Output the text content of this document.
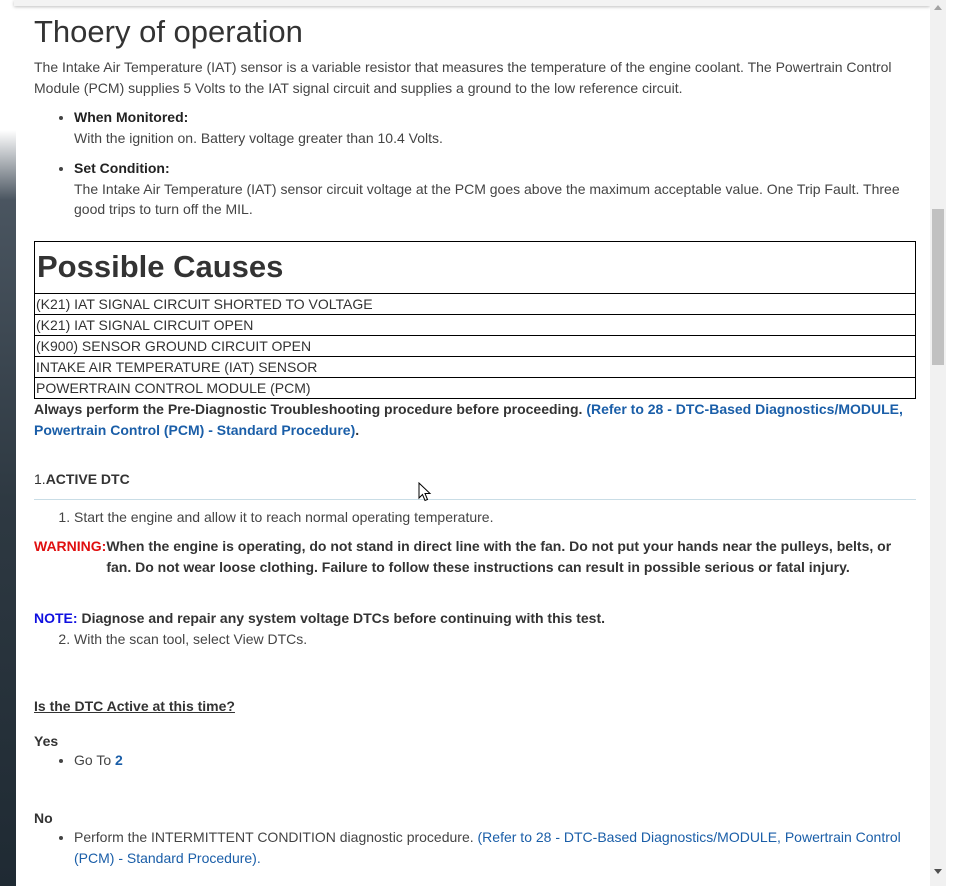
Thoery of operation
The Intake Air Temperature (IAT) sensor is a variable resistor that measures the temperature of the engine coolant. The Powertrain Control Module (PCM) supplies 5 Volts to the IAT signal circuit and supplies a ground to the low reference circuit.
• When Monitored:
With the ignition on. Battery voltage greater than 10.4 Volts.
• Set Condition:
The Intake Air Temperature (IAT) sensor circuit voltage at the PCM goes above the maximum acceptable value. One Trip Fault. Three good trips to turn off the MIL.
Possible Causes
(K21) IAT SIGNAL CIRCUIT SHORTED TO VOLTAGE
(K21) IAT SIGNAL CIRCUIT OPEN
(K900) SENSOR GROUND CIRCUIT OPEN
INTAKE AIR TEMPERATURE (IAT) SENSOR
POWERTRAIN CONTROL MODULE (PCM)
Always perform the Pre-Diagnostic Troubleshooting procedure before proceeding. (Refer to 28 - DTC-Based Diagnostics/MODULE, Powertrain Control (PCM) - Standard Procedure).
1.ACTIVE DTC
1. Start the engine and allow it to reach normal operating temperature.
WARNING: When the engine is operating, do not stand in direct line with the fan. Do not put your hands near the pulleys, belts, or fan. Do not wear loose clothing. Failure to follow these instructions can result in possible serious or fatal injury.
NOTE: Diagnose and repair any system voltage DTCs before continuing with this test.
2. With the scan tool, select View DTCs.
Is the DTC Active at this time?
Yes
• Go To 2
No
• Perform the INTERMITTENT CONDITION diagnostic procedure. (Refer to 28 - DTC-Based Diagnostics/MODULE, Powertrain Control (PCM) - Standard Procedure).
